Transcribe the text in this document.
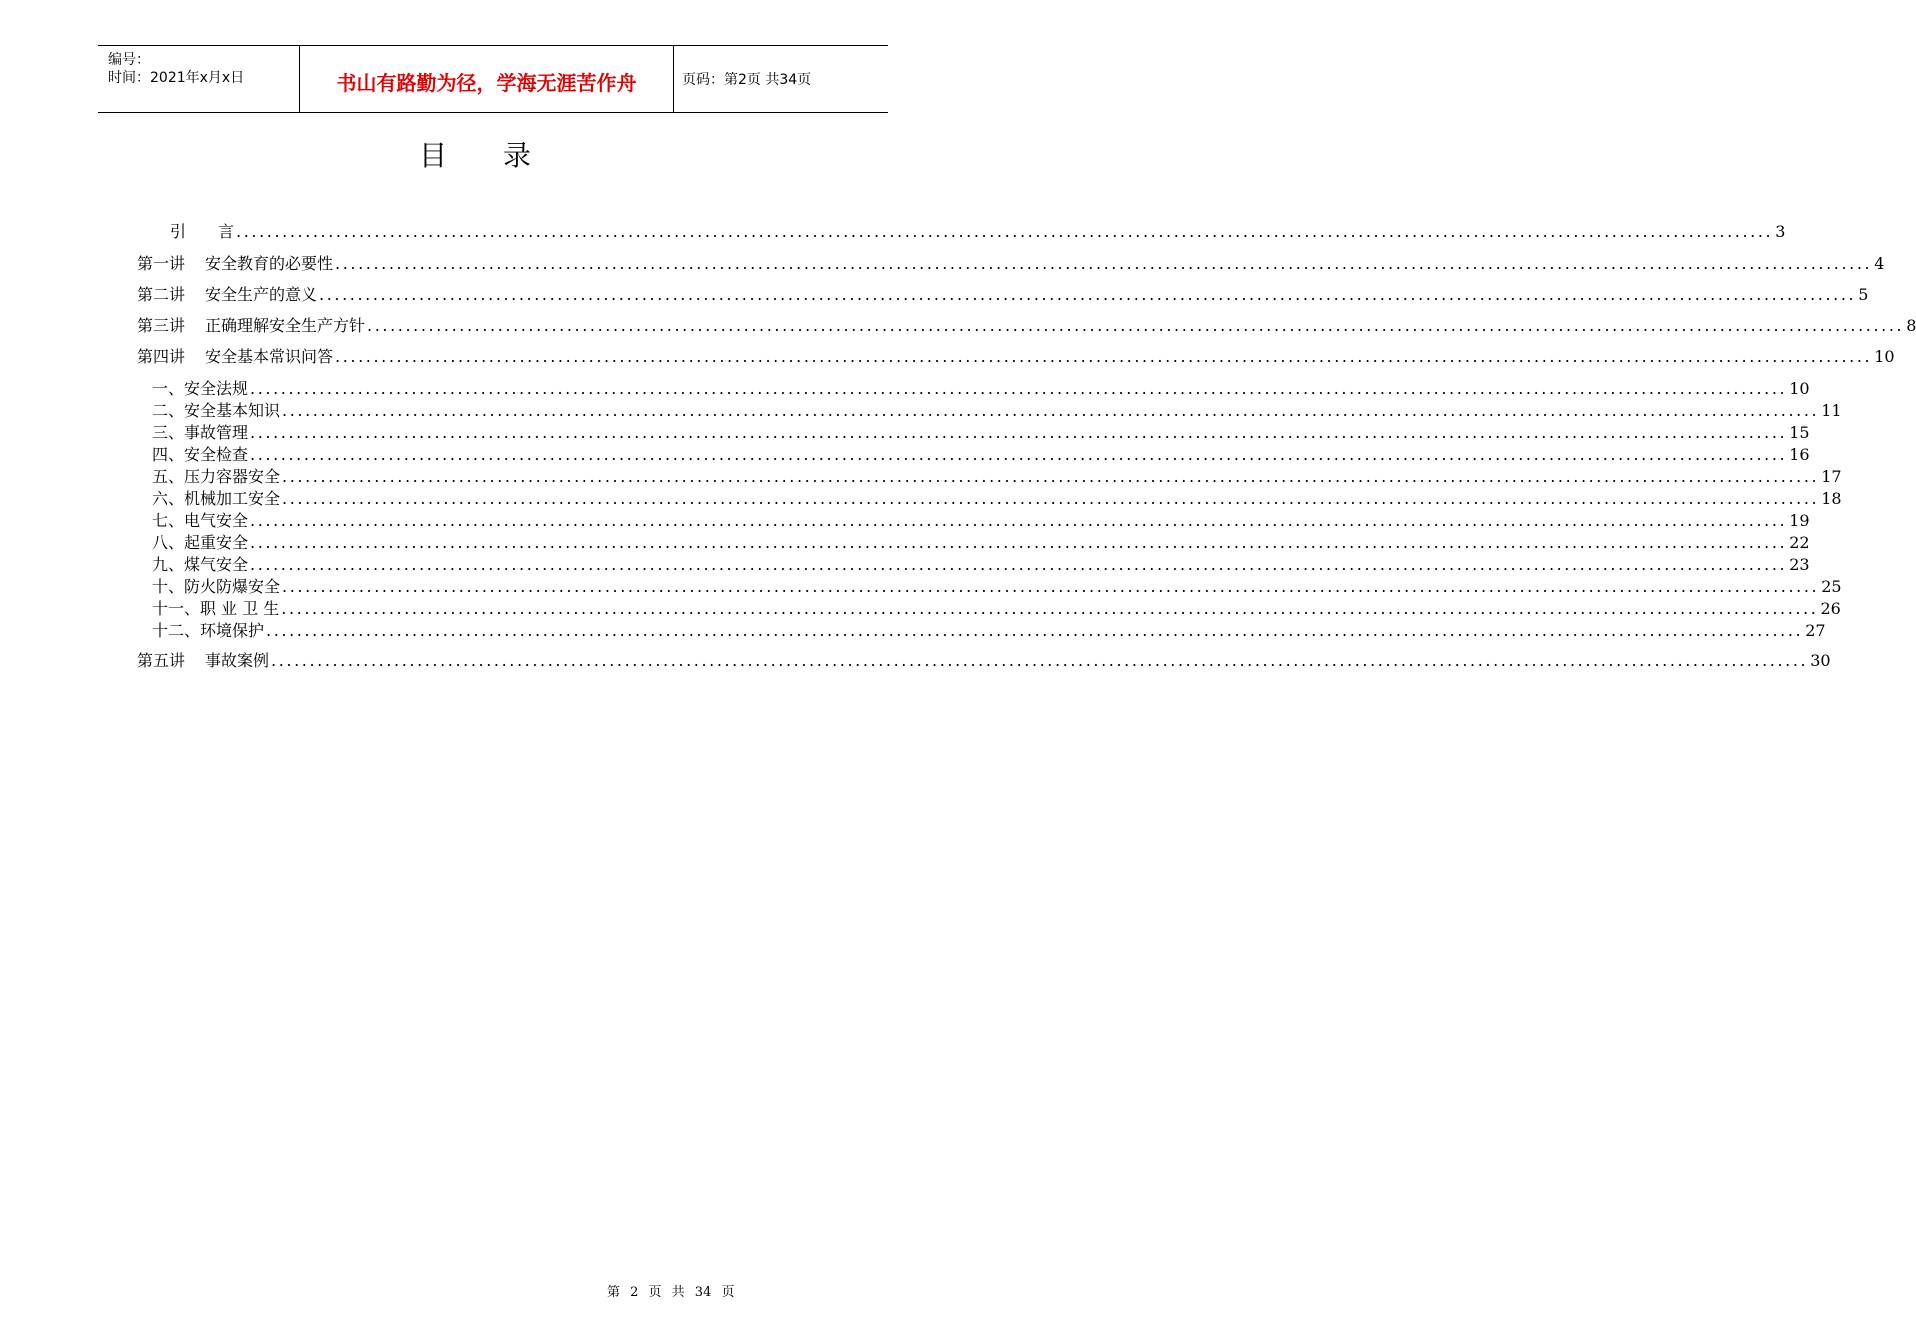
编号：
时间：2021年x月x日	书山有路勤为径，学海无涯苦作舟	页码：第2页 共34页
目录
引　　言 ........................................................................................................................................................................................................ 3
第一讲 安全教育的必要性 ........................................................................................................................................................................................................ 4
第二讲 安全生产的意义 ........................................................................................................................................................................................................ 5
第三讲 正确理解安全生产方针 ........................................................................................................................................................................................................ 8
第四讲 安全基本常识问答 ........................................................................................................................................................................................................ 10
一、安全法规 ........................................................................................................................................................................................................ 10
二、安全基本知识 ........................................................................................................................................................................................................ 11
三、事故管理 ........................................................................................................................................................................................................ 15
四、安全检查 ........................................................................................................................................................................................................ 16
五、压力容器安全 ........................................................................................................................................................................................................ 17
六、机械加工安全 ........................................................................................................................................................................................................ 18
七、电气安全 ........................................................................................................................................................................................................ 19
八、起重安全 ........................................................................................................................................................................................................ 22
九、煤气安全 ........................................................................................................................................................................................................ 23
十、防火防爆安全 ........................................................................................................................................................................................................ 25
十一、职 业 卫 生 ........................................................................................................................................................................................................ 26
十二、环境保护 ........................................................................................................................................................................................................ 27
第五讲 事故案例 ........................................................................................................................................................................................................ 30
第 2 页 共 34 页
